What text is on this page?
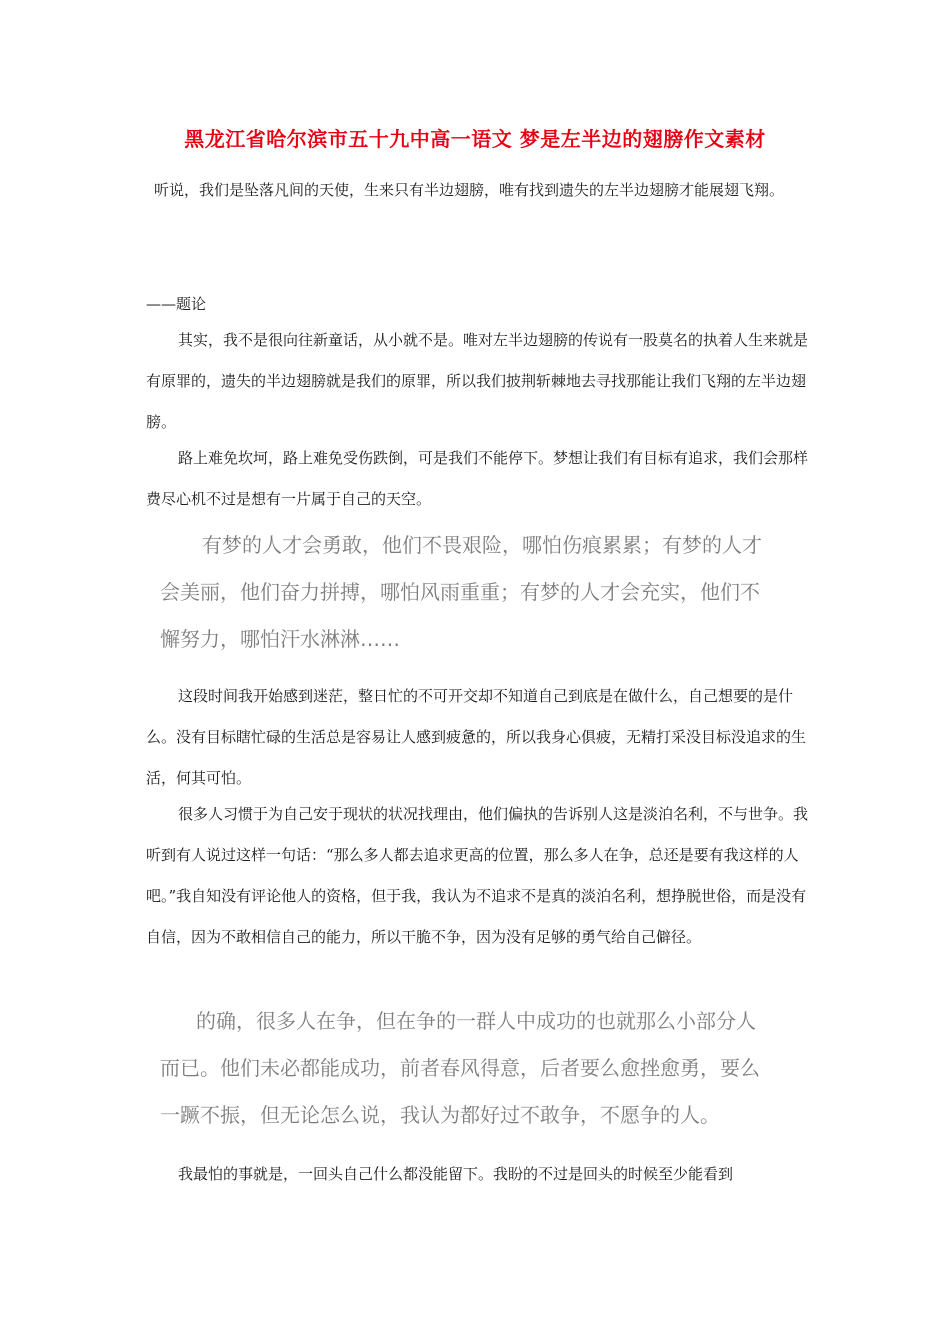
黑龙江省哈尔滨市五十九中高一语文 梦是左半边的翅膀作文素材

听说，我们是坠落凡间的天使，生来只有半边翅膀，唯有找到遗失的左半边翅膀才能展翅飞翔。

——题论

其实，我不是很向往新童话，从小就不是。唯对左半边翅膀的传说有一股莫名的执着人生来就是有原罪的，遗失的半边翅膀就是我们的原罪，所以我们披荆斩棘地去寻找那能让我们飞翔的左半边翅膀。

路上难免坎坷，路上难免受伤跌倒，可是我们不能停下。梦想让我们有目标有追求，我们会那样费尽心机不过是想有一片属于自己的天空。

有梦的人才会勇敢，他们不畏艰险，哪怕伤痕累累；有梦的人才
会美丽，他们奋力拼搏，哪怕风雨重重；有梦的人才会充实，他们不
懈努力，哪怕汗水淋淋……

这段时间我开始感到迷茫，整日忙的不可开交却不知道自己到底是在做什么，自己想要的是什么。没有目标瞎忙碌的生活总是容易让人感到疲惫的，所以我身心俱疲，无精打采没目标没追求的生活，何其可怕。

很多人习惯于为自己安于现状的状况找理由，他们偏执的告诉别人这是淡泊名利，不与世争。我听到有人说过这样一句话：“那么多人都去追求更高的位置，那么多人在争，总还是要有我这样的人吧。”我自知没有评论他人的资格，但于我，我认为不追求不是真的淡泊名利，想挣脱世俗，而是没有自信，因为不敢相信自己的能力，所以干脆不争，因为没有足够的勇气给自己僻径。

的确，很多人在争，但在争的一群人中成功的也就那么小部分人
而已。他们未必都能成功，前者春风得意，后者要么愈挫愈勇，要么
一蹶不振，但无论怎么说，我认为都好过不敢争，不愿争的人。

我最怕的事就是，一回头自己什么都没能留下。我盼的不过是回头的时候至少能看到
